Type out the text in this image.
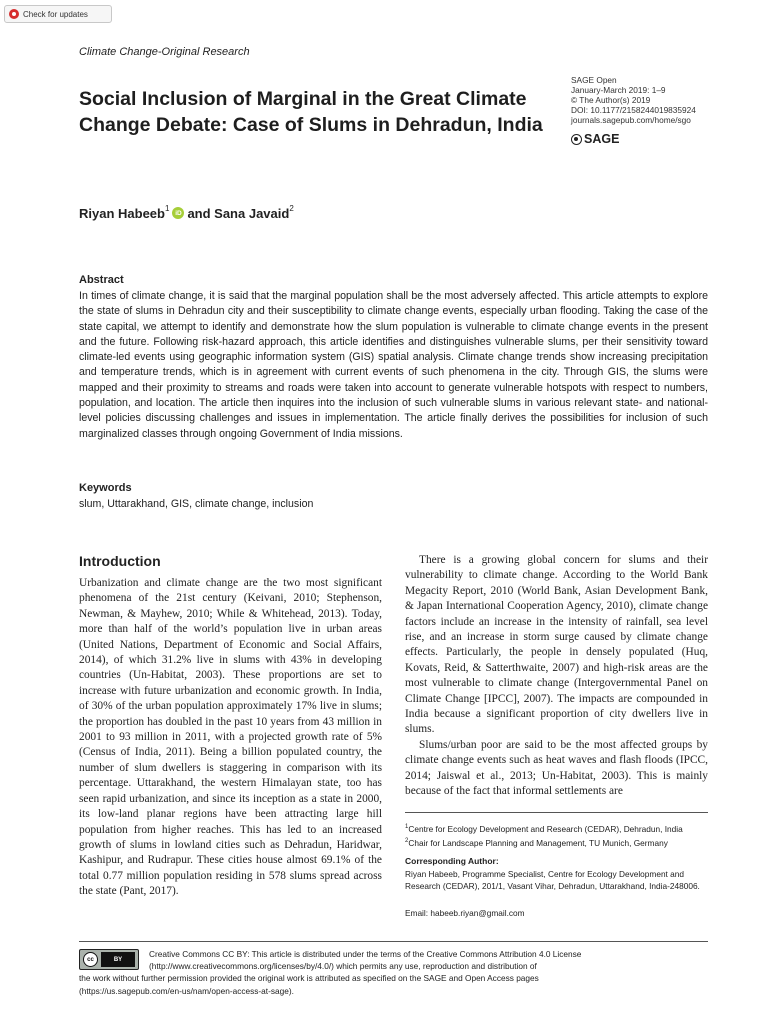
Check for updates
Climate Change-Original Research
Social Inclusion of Marginal in the Great Climate Change Debate: Case of Slums in Dehradun, India
SAGE Open
January-March 2019: 1–9
© The Author(s) 2019
DOI: 10.1177/2158244019835924
journals.sagepub.com/home/sgo
SAGE
Riyan Habeeb$^1$ iD and Sana Javaid$^2$
Abstract
In times of climate change, it is said that the marginal population shall be the most adversely affected. This article attempts to explore the state of slums in Dehradun city and their susceptibility to climate change events, especially urban flooding. Taking the case of the state capital, we attempt to identify and demonstrate how the slum population is vulnerable to climate change events in the present and the future. Following risk-hazard approach, this article identifies and distinguishes vulnerable slums, per their sensitivity toward climate-led events using geographic information system (GIS) spatial analysis. Climate change trends show increasing precipitation and temperature trends, which is in agreement with current events of such phenomena in the city. Through GIS, the slums were mapped and their proximity to streams and roads were taken into account to generate vulnerable hotspots with respect to numbers, population, and location. The article then inquires into the inclusion of such vulnerable slums in various relevant state- and national-level policies discussing challenges and issues in implementation. The article finally derives the possibilities for inclusion of such marginalized classes through ongoing Government of India missions.
Keywords
slum, Uttarakhand, GIS, climate change, inclusion
Introduction

Urbanization and climate change are the two most significant phenomena of the 21st century (Keivani, 2010; Stephenson, Newman, & Mayhew, 2010; While & Whitehead, 2013). Today, more than half of the world’s population live in urban areas (United Nations, Department of Economic and Social Affairs, 2014), of which 31.2% live in slums with 43% in developing countries (Un-Habitat, 2003). These proportions are set to increase with future urbanization and economic growth. In India, of 30% of the urban population approximately 17% live in slums; the proportion has doubled in the past 10 years from 43 million in 2001 to 93 million in 2011, with a projected growth rate of 5% (Census of India, 2011). Being a billion populated country, the number of slum dwellers is staggering in comparison with its percentage. Uttarakhand, the western Himalayan state, too has seen rapid urbanization, and since its inception as a state in 2000, its low-land planar regions have been attracting large hill population from higher reaches. This has led to an increased growth of slums in lowland cities such as Dehradun, Haridwar, Kashipur, and Rudrapur. These cities house almost 69.1% of the total 0.77 million population residing in 578 slums spread across the state (Pant, 2017).

There is a growing global concern for slums and their vulnerability to climate change. According to the World Bank Megacity Report, 2010 (World Bank, Asian Development Bank, & Japan International Cooperation Agency, 2010), climate change factors include an increase in the intensity of rainfall, sea level rise, and an increase in storm surge caused by climate change effects. Particularly, the people in densely populated (Huq, Kovats, Reid, & Satterthwaite, 2007) and high-risk areas are the most vulnerable to climate change (Intergovernmental Panel on Climate Change [IPCC], 2007). The impacts are compounded in India because a significant proportion of city dwellers live in slums.

Slums/urban poor are said to be the most affected groups by climate change events such as heat waves and flash floods (IPCC, 2014; Jaiswal et al., 2013; Un-Habitat, 2003). This is mainly because of the fact that informal settlements are

$^1$Centre for Ecology Development and Research (CEDAR), Dehradun, India
$^2$Chair for Landscape Planning and Management, TU Munich, Germany
Corresponding Author:
Riyan Habeeb, Programme Specialist, Centre for Ecology Development and Research (CEDAR), 201/1, Vasant Vihar, Dehradun, Uttarakhand, India-248006.
Email: habeeb.riyan@gmail.com
cc	BY
Creative Commons CC BY: This article is distributed under the terms of the Creative Commons Attribution 4.0 License
(http://www.creativecommons.org/licenses/by/4.0/) which permits any use, reproduction and distribution of
the work without further permission provided the original work is attributed as specified on the SAGE and Open Access pages
(https://us.sagepub.com/en-us/nam/open-access-at-sage).
